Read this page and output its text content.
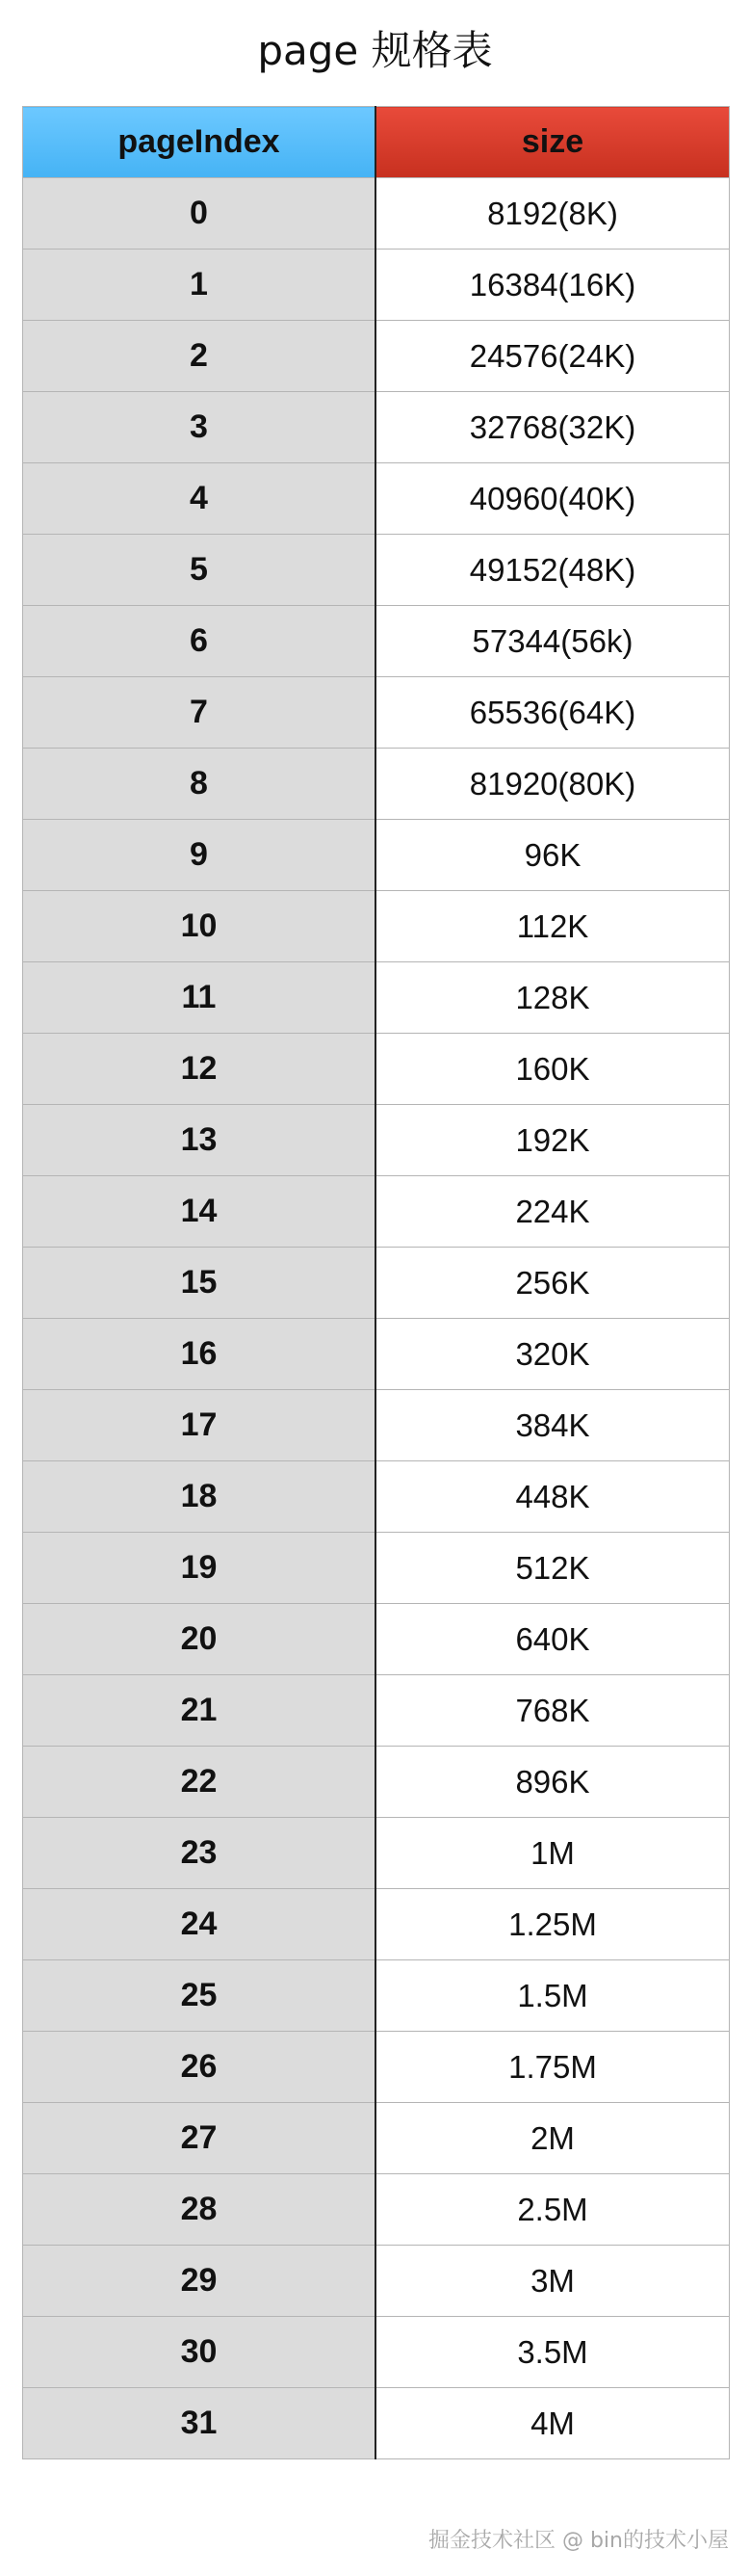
page 规格表
pageIndex	size
0	8192(8K)
1	16384(16K)
2	24576(24K)
3	32768(32K)
4	40960(40K)
5	49152(48K)
6	57344(56k)
7	65536(64K)
8	81920(80K)
9	96K
10	112K
11	128K
12	160K
13	192K
14	224K
15	256K
16	320K
17	384K
18	448K
19	512K
20	640K
21	768K
22	896K
23	1M
24	1.25M
25	1.5M
26	1.75M
27	2M
28	2.5M
29	3M
30	3.5M
31	4M
掘金技术社区 @ bin的技术小屋
